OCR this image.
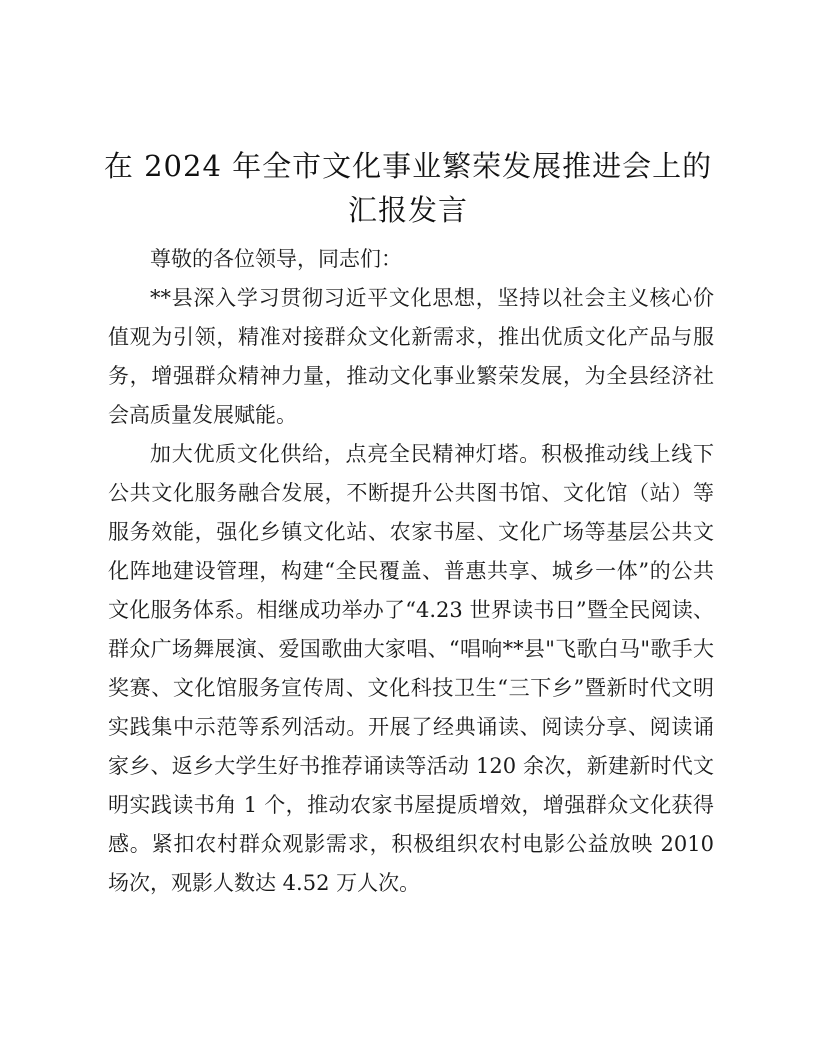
在 2024 年全市文化事业繁荣发展推进会上的
汇报发言
尊敬的各位领导，同志们：
**县深入学习贯彻习近平文化思想，坚持以社会主义核心价
值观为引领，精准对接群众文化新需求，推出优质文化产品与服
务，增强群众精神力量，推动文化事业繁荣发展，为全县经济社
会高质量发展赋能。
加大优质文化供给，点亮全民精神灯塔。积极推动线上线下
公共文化服务融合发展，不断提升公共图书馆、文化馆（站）等
服务效能，强化乡镇文化站、农家书屋、文化广场等基层公共文
化阵地建设管理，构建“全民覆盖、普惠共享、城乡一体”的公共
文化服务体系。相继成功举办了“4.23 世界读书日”暨全民阅读、
群众广场舞展演、爱国歌曲大家唱、“唱响**县"飞歌白马"歌手大
奖赛、文化馆服务宣传周、文化科技卫生“三下乡”暨新时代文明
实践集中示范等系列活动。开展了经典诵读、阅读分享、阅读诵
家乡、返乡大学生好书推荐诵读等活动 120 余次，新建新时代文
明实践读书角 1 个，推动农家书屋提质增效，增强群众文化获得
感。紧扣农村群众观影需求，积极组织农村电影公益放映 2010
场次，观影人数达 4.52 万人次。
